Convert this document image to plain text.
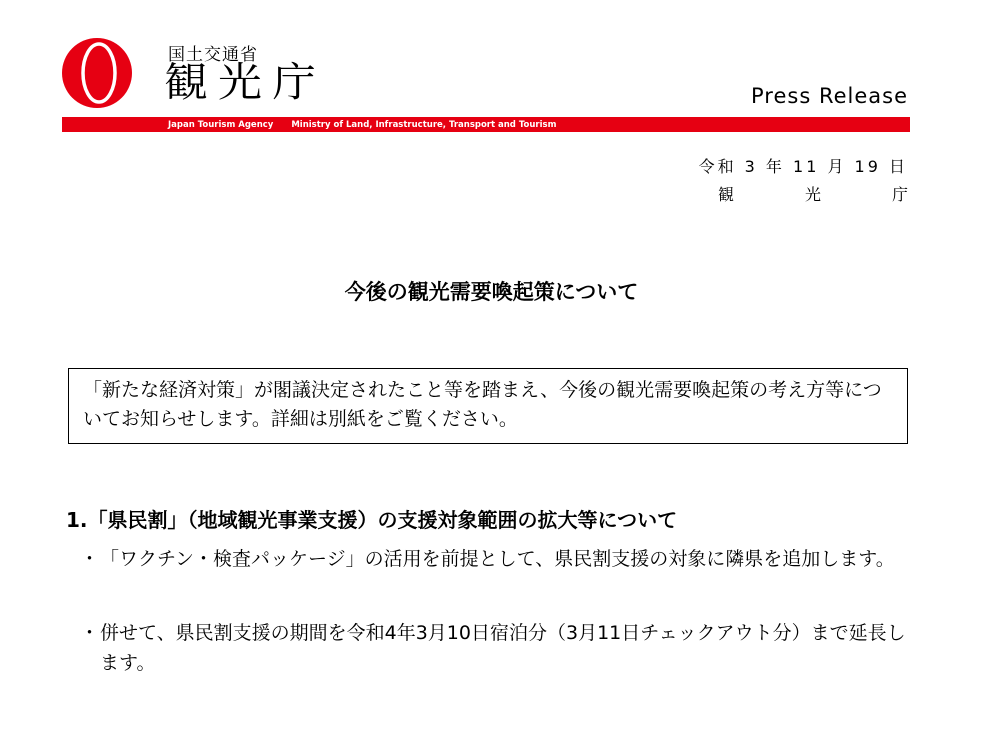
国土交通省
観光庁	Press Release
Japan Tourism Agency Ministry of Land, Infrastructure, Transport and Tourism
令和 3 年 11 月 19 日
観	光	庁
今後の観光需要喚起策について
「新たな経済対策」が閣議決定されたこと等を踏まえ、今後の観光需要喚起策の考え方等についてお知らせします。詳細は別紙をご覧ください。
1.「県民割」（地域観光事業支援）の支援対象範囲の拡大等について
・ 「ワクチン・検査パッケージ」の活用を前提として、県民割支援の対象に隣県を追加します。
・ 併せて、県民割支援の期間を令和4年3月10日宿泊分（3月11日チェックアウト分）まで延長します。
